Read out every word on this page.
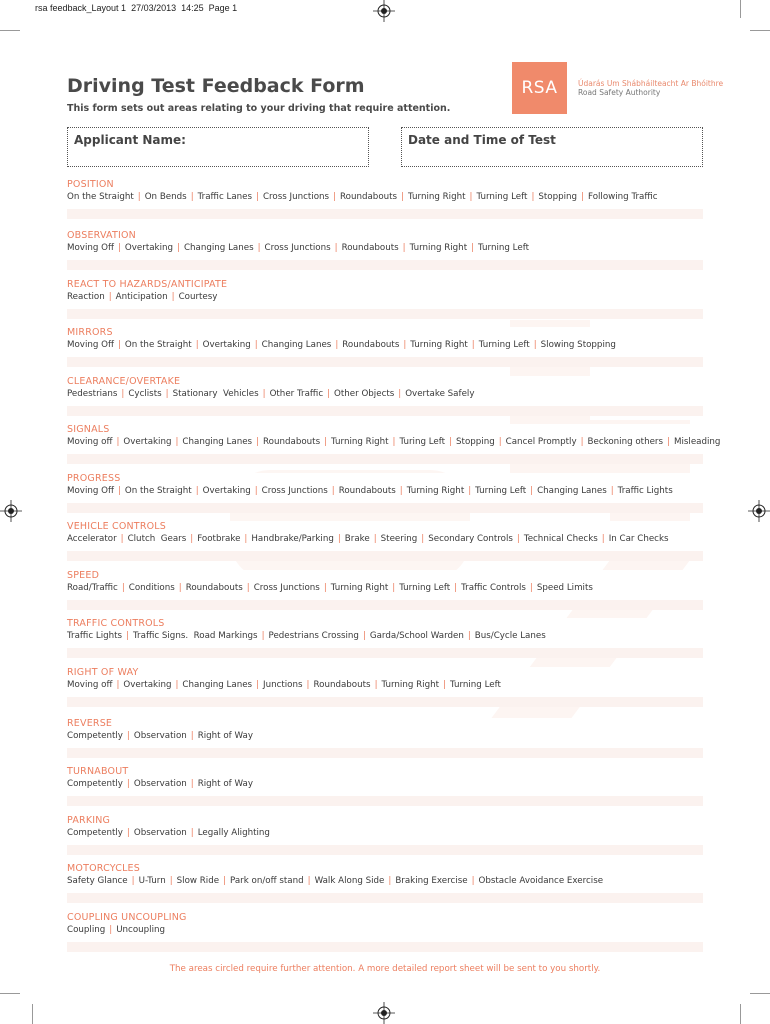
rsa feedback_Layout 1  27/03/2013  14:25  Page 1
Driving Test Feedback Form

This form sets out areas relating to your driving that require attention.

RSA	Údarás Um Shábháilteacht Ar Bhóithre
Road Safety Authority
Applicant Name:	Date and Time of Test
POSITION
On the Straight | On Bends | Traffic Lanes | Cross Junctions | Roundabouts | Turning Right | Turning Left | Stopping | Following Traffic
OBSERVATION
Moving Off | Overtaking | Changing Lanes | Cross Junctions | Roundabouts | Turning Right | Turning Left
REACT TO HAZARDS/ANTICIPATE
Reaction | Anticipation | Courtesy
MIRRORS
Moving Off | On the Straight | Overtaking | Changing Lanes | Roundabouts | Turning Right | Turning Left | Slowing Stopping
CLEARANCE/OVERTAKE
Pedestrians | Cyclists | Stationary  Vehicles | Other Traffic | Other Objects | Overtake Safely
SIGNALS
Moving off | Overtaking | Changing Lanes | Roundabouts | Turning Right | Turing Left | Stopping | Cancel Promptly | Beckoning others | Misleading
PROGRESS
Moving Off | On the Straight | Overtaking | Cross Junctions | Roundabouts | Turning Right | Turning Left | Changing Lanes | Traffic Lights
VEHICLE CONTROLS
Accelerator | Clutch  Gears | Footbrake | Handbrake/Parking | Brake | Steering | Secondary Controls | Technical Checks | In Car Checks
SPEED
Road/Traffic | Conditions | Roundabouts | Cross Junctions | Turning Right | Turning Left | Traffic Controls | Speed Limits
TRAFFIC CONTROLS
Traffic Lights | Traffic Signs.  Road Markings | Pedestrians Crossing | Garda/School Warden | Bus/Cycle Lanes
RIGHT OF WAY
Moving off | Overtaking | Changing Lanes | Junctions | Roundabouts | Turning Right | Turning Left
REVERSE
Competently | Observation | Right of Way
TURNABOUT
Competently | Observation | Right of Way
PARKING
Competently | Observation | Legally Alighting
MOTORCYCLES
Safety Glance | U-Turn | Slow Ride | Park on/off stand | Walk Along Side | Braking Exercise | Obstacle Avoidance Exercise
COUPLING UNCOUPLING
Coupling | Uncoupling
The areas circled require further attention. A more detailed report sheet will be sent to you shortly.
